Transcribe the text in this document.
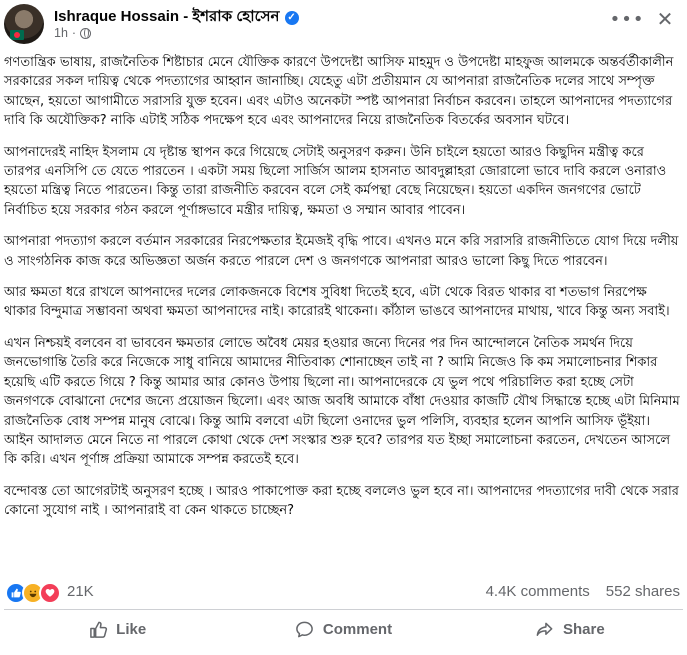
Ishraque Hossain - ইশরাক হোসেন ✓
1h ·
••• ✕

গণতান্ত্রিক ভাষায়, রাজনৈতিক শিষ্টাচার মেনে যৌক্তিক কারণে উপদেষ্টা আসিফ মাহমুদ ও উপদেষ্টা মাহফুজ আলমকে অন্তর্বর্তীকালীন সরকারের সকল দায়িত্ব থেকে পদত্যাগের আহ্বান জানাচ্ছি। যেহেতু এটা প্রতীয়মান যে আপনারা রাজনৈতিক দলের সাথে সম্পৃক্ত আছেন, হয়তো আগামীতে সরাসরি যুক্ত হবেন। এবং এটাও অনেকটা স্পষ্ট আপনারা নির্বাচন করবেন। তাহলে আপনাদের পদত্যাগের দাবি কি অযৌক্তিক? নাকি এটাই সঠিক পদক্ষেপ হবে এবং আপনাদের নিয়ে রাজনৈতিক বিতর্কের অবসান ঘটবে।

আপনাদেরই নাহিদ ইসলাম যে দৃষ্টান্ত স্থাপন করে গিয়েছে সেটাই অনুসরণ করুন। উনি চাইলে হয়তো আরও কিছুদিন মন্ত্রীত্ব করে তারপর এনসিপি তে যেতে পারতেন । একটা সময় ছিলো সার্জিস আলম হাসনাত আবদুল্লাহরা জোরালো ভাবে দাবি করলে ওনারাও হয়তো মন্ত্রিত্ব নিতে পারতেন। কিন্তু তারা রাজনীতি করবেন বলে সেই কর্মপন্থা বেছে নিয়েছেন। হয়তো একদিন জনগণের ভোটে নির্বাচিত হয়ে সরকার গঠন করলে পূর্ণাঙ্গভাবে মন্ত্রীর দায়িত্ব, ক্ষমতা ও সম্মান আবার পাবেন।

আপনারা পদত্যাগ করলে বর্তমান সরকারের নিরপেক্ষতার ইমেজই বৃদ্ধি পাবে। এখনও মনে করি সরাসরি রাজনীতিতে যোগ দিয়ে দলীয় ও সাংগঠনিক কাজ করে অভিজ্ঞতা অর্জন করতে পারলে দেশ ও জনগণকে আপনারা আরও ভালো কিছু দিতে পারবেন।

আর ক্ষমতা ধরে রাখলে আপনাদের দলের লোকজনকে বিশেষ সুবিধা দিতেই হবে, এটা থেকে বিরত থাকার বা শতভাগ নিরপেক্ষ থাকার বিন্দুমাত্র সম্ভাবনা অথবা ক্ষমতা আপনাদের নাই। কারোরই থাকেনা। কাঁঠাল ভাঙবে আপনাদের মাথায়, খাবে কিন্তু অন্য সবাই।

এখন নিশ্চয়ই বলবেন বা ভাববেন ক্ষমতার লোভে অবৈধ মেয়র হওয়ার জন্যে দিনের পর দিন আন্দোলনে নৈতিক সমর্থন দিয়ে জনভোগান্তি তৈরি করে নিজেকে সাধু বানিয়ে আমাদের নীতিবাক্য শোনাচ্ছেন তাই না ? আমি নিজেও কি কম সমালোচনার শিকার হয়েছি এটি করতে গিয়ে ? কিন্তু আমার আর কোনও উপায় ছিলো না। আপনাদেরকে যে ভুল পথে পরিচালিত করা হচ্ছে সেটা জনগণকে বোঝানো দেশের জন্যে প্রয়োজন ছিলো। এবং আজ অবধি আমাকে বাঁধা দেওয়ার কাজটি যৌথ সিদ্ধান্তে হচ্ছে এটা মিনিমাম রাজনৈতিক বোধ সম্পন্ন মানুষ বোঝে। কিন্তু আমি বলবো এটা ছিলো ওনাদের ভুল পলিসি, ব্যবহার হলেন আপনি আসিফ ভূঁইয়া। আইন আদালত মেনে নিতে না পারলে কোথা থেকে দেশ সংস্কার শুরু হবে? তারপর যত ইচ্ছা সমালোচনা করতেন, দেখতেন আসলে কি করি। এখন পূর্ণাঙ্গ প্রক্রিয়া আমাকে সম্পন্ন করতেই হবে।

বন্দোবস্ত তো আগেরটাই অনুসরণ হচ্ছে । আরও পাকাপোক্ত করা হচ্ছে বললেও ভুল হবে না। আপনাদের পদত্যাগের দাবী থেকে সরার কোনো সুযোগ নাই । আপনারাই বা কেন থাকতে চাচ্ছেন?

21K	4.4K comments 552 shares
Like	Comment	Share
